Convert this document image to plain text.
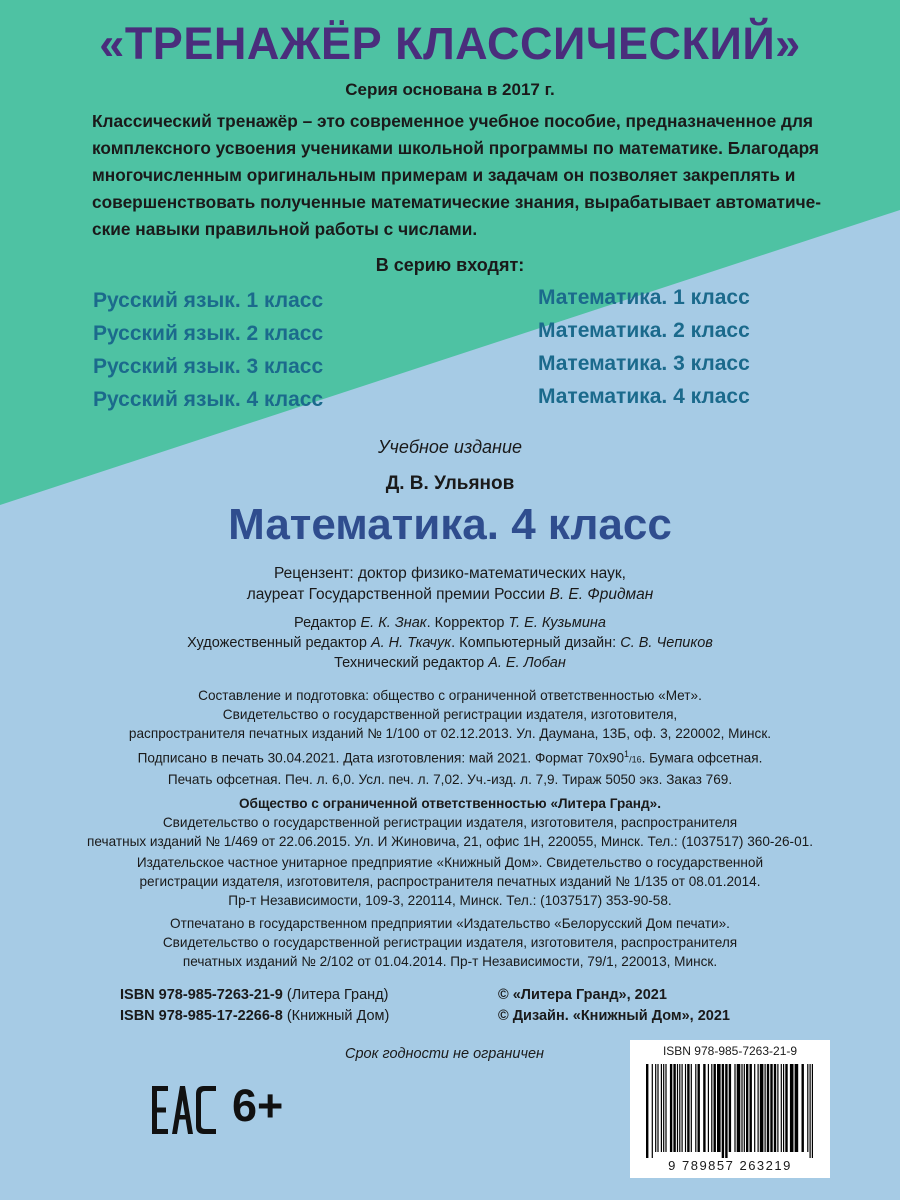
«ТРЕНАЖЁР КЛАССИЧЕСКИЙ»
Серия основана в 2017 г.
Классический тренажёр – это современное учебное пособие, предназначенное для
комплексного усвоения учениками школьной программы по математике. Благодаря
многочисленным оригинальным примерам и задачам он позволяет закреплять и
совершенствовать полученные математические знания, вырабатывает автоматиче-
ские навыки правильной работы с числами.
В серию входят:
Русский язык. 1 класс
Русский язык. 2 класс
Русский язык. 3 класс
Русский язык. 4 класс
Математика. 1 класс
Математика. 2 класс
Математика. 3 класс
Математика. 4 класс
Учебное издание
Д. В. Ульянов
Математика. 4 класс
Рецензент: доктор физико-математических наук,
лауреат Государственной премии России В. Е. Фридман
Редактор Е. К. Знак. Корректор Т. Е. Кузьмина
Художественный редактор А. Н. Ткачук. Компьютерный дизайн: С. В. Чепиков
Технический редактор А. Е. Лобан
Составление и подготовка: общество с ограниченной ответственностью «Мет».
Свидетельство о государственной регистрации издателя, изготовителя,
распространителя печатных изданий № 1/100 от 02.12.2013. Ул. Даумана, 13Б, оф. 3, 220002, Минск.
Подписано в печать 30.04.2021. Дата изготовления: май 2021. Формат $70х90^1/16$. Бумага офсетная.
Печать офсетная. Печ. л. 6,0. Усл. печ. л. 7,02. Уч.-изд. л. 7,9. Тираж 5050 экз. Заказ 769.
Общество с ограниченной ответственностью «Литера Гранд».
Свидетельство о государственной регистрации издателя, изготовителя, распространителя
печатных изданий № 1/469 от 22.06.2015. Ул. И Жиновича, 21, офис 1Н, 220055, Минск. Тел.: (1037517) 360-26-01.
Издательское частное унитарное предприятие «Книжный Дом». Свидетельство о государственной
регистрации издателя, изготовителя, распространителя печатных изданий № 1/135 от 08.01.2014.
Пр-т Независимости, 109-3, 220114, Минск. Тел.: (1037517) 353-90-58.
Отпечатано в государственном предприятии «Издательство «Белорусский Дом печати».
Свидетельство о государственной регистрации издателя, изготовителя, распространителя
печатных изданий № 2/102 от 01.04.2014. Пр-т Независимости, 79/1, 220013, Минск.
ISBN 978-985-7263-21-9 (Литера Гранд)
ISBN 978-985-17-2266-8 (Книжный Дом)
© «Литера Гранд», 2021
© Дизайн. «Книжный Дом», 2021
Срок годности не ограничен
6+
ISBN 978-985-7263-21-9
9 789857 263219
